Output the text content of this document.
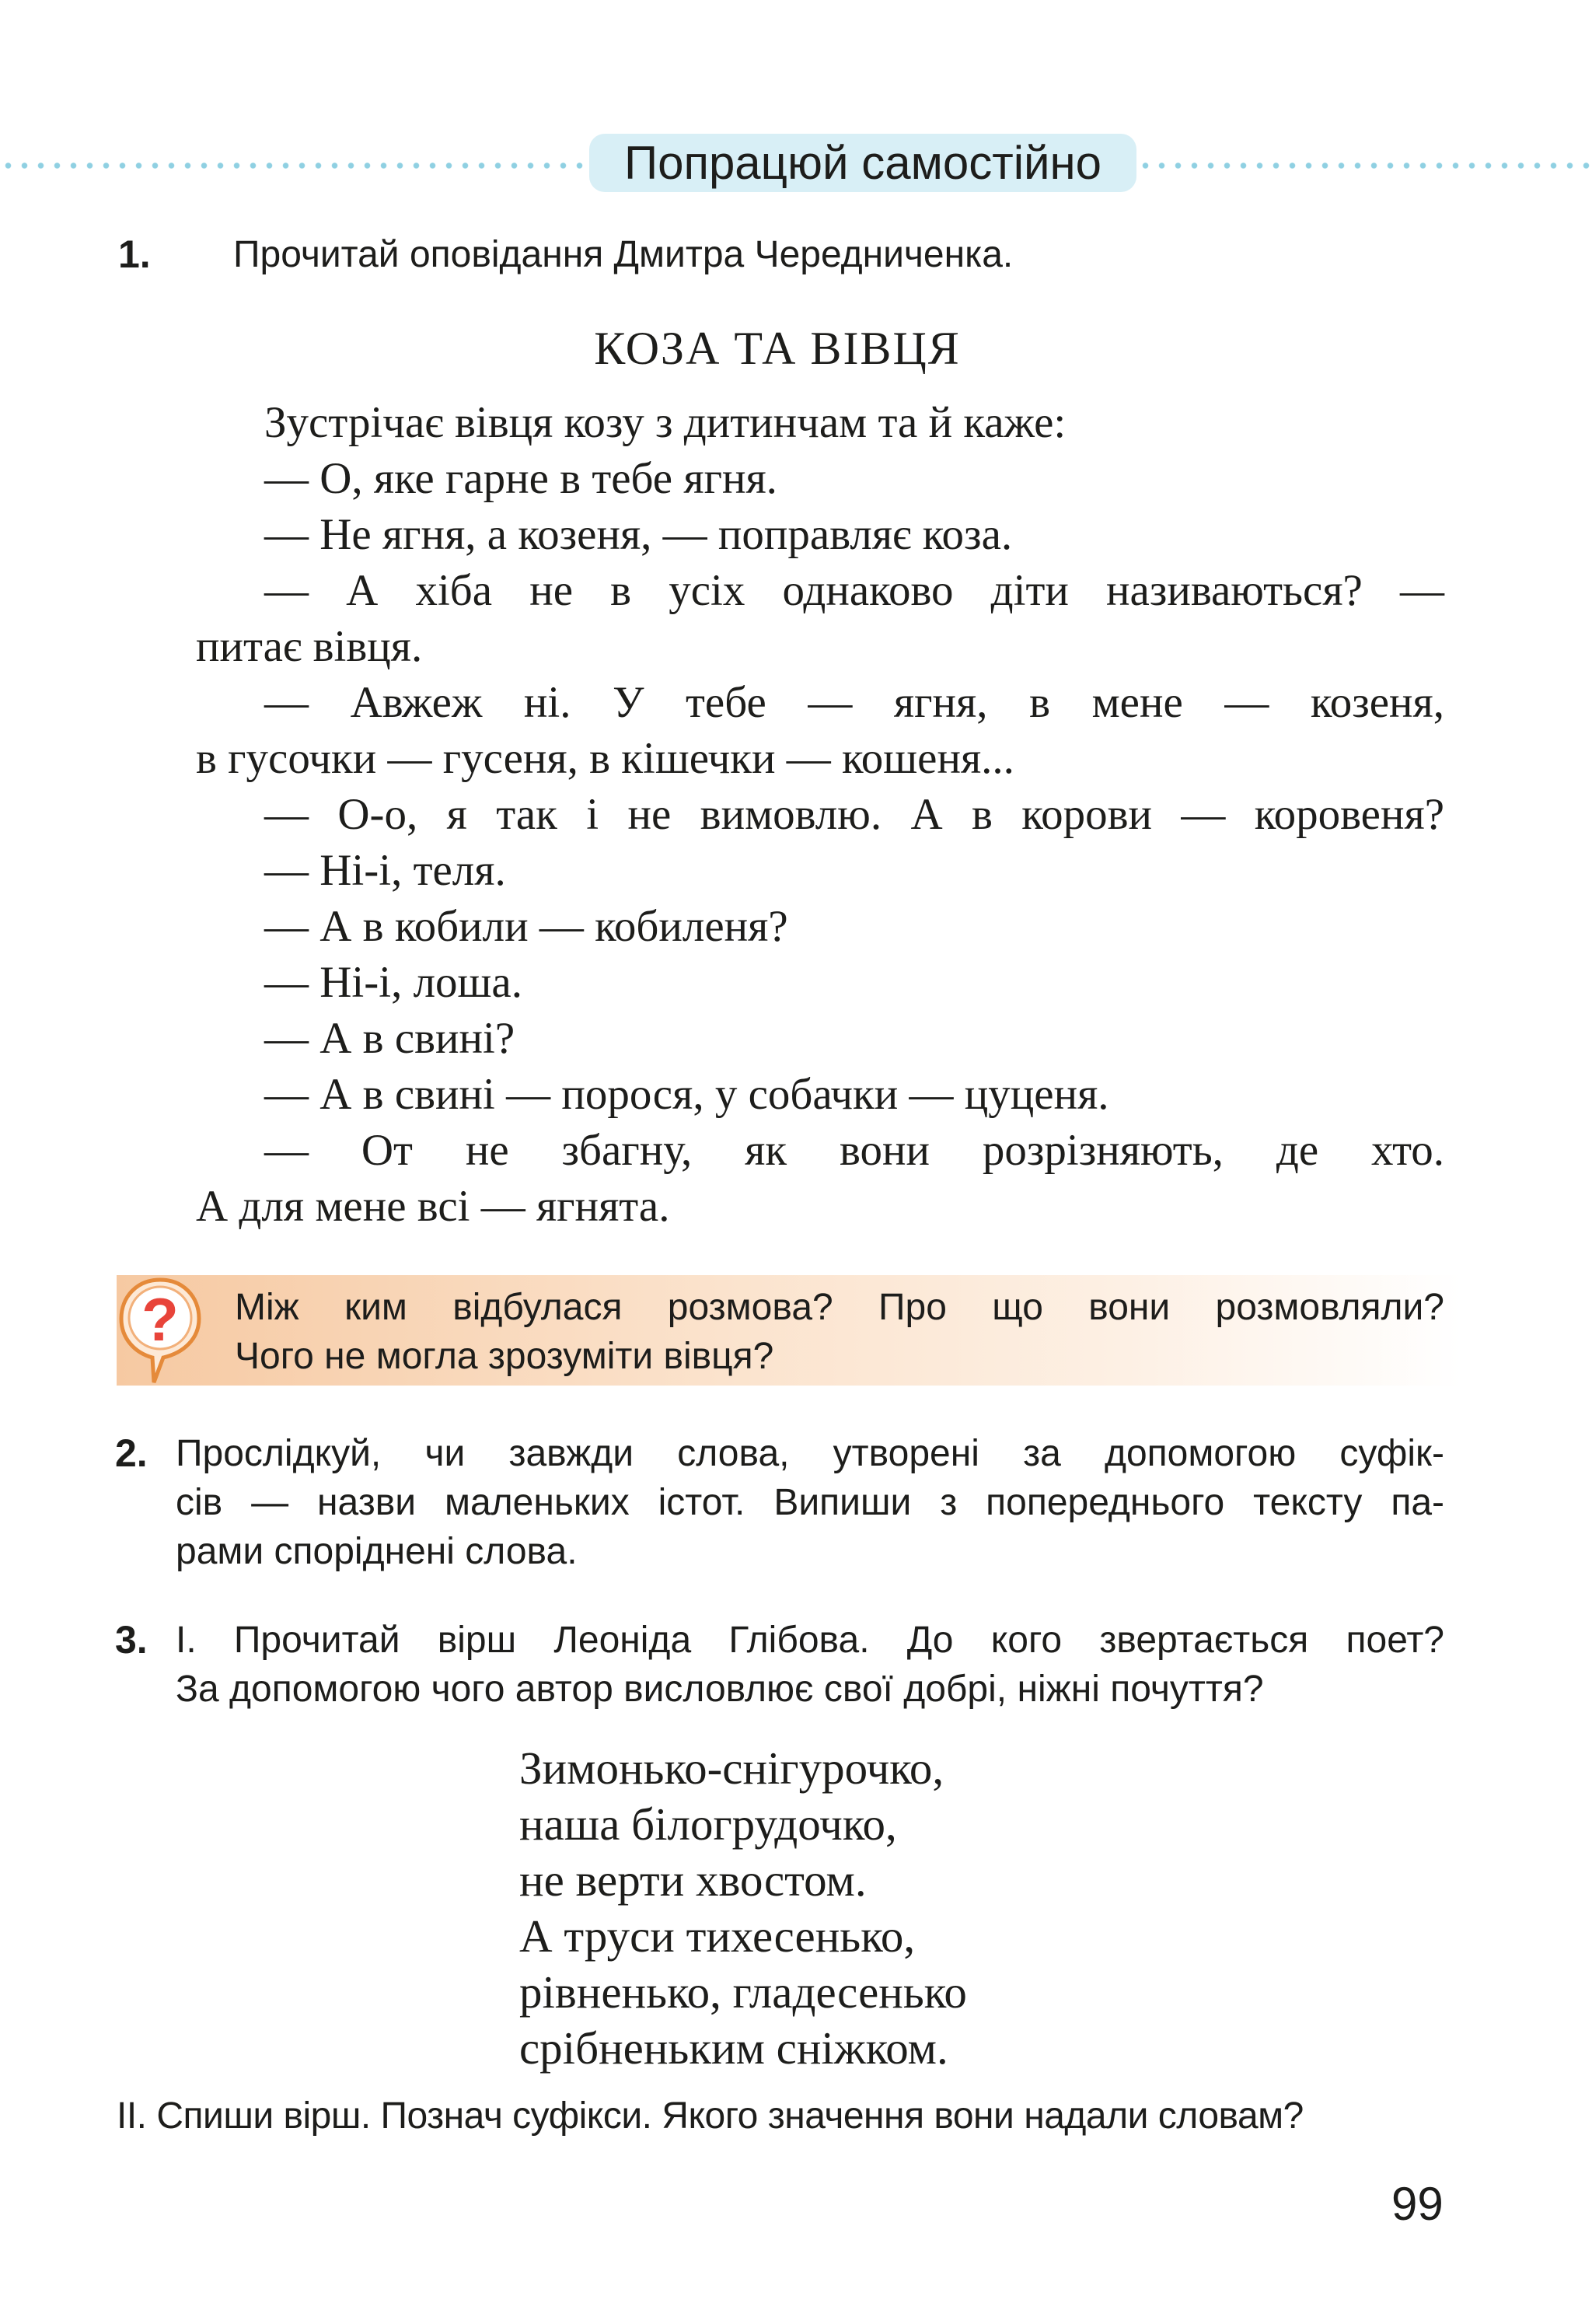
Попрацюй самостійно
1. Прочитай оповідання Дмитра Чередниченка.
КОЗА ТА ВІВЦЯ
Зустрічає вівця козу з дитинчам та й каже:
— О, яке гарне в тебе ягня.
— Не ягня, а козеня, — поправляє коза.
— А хіба не в усіх однаково діти називаються? —
питає вівця.
— Авжеж ні. У тебе — ягня, в мене — козеня,
в гусочки — гусеня, в кішечки — кошеня...
— О-о, я так і не вимовлю. А в корови — коровеня?
— Ні-і, теля.
— А в кобили — кобиленя?
— Ні-і, лоша.
— А в свині?
— А в свині — порося, у собачки — цуценя.
— От не збагну, як вони розрізняють, де хто.
А для мене всі — ягнята.
? Між ким відбулася розмова? Про що вони розмовляли?
Чого не могла зрозуміти вівця?
2. Прослідкуй, чи завжди слова, утворені за допомогою суфік-
сів — назви маленьких істот. Випиши з попереднього тексту па-
рами споріднені слова.
3. І. Прочитай вірш Леоніда Глібова. До кого звертається поет?
За допомогою чого автор висловлює свої добрі, ніжні почуття?
Зимонько-снігурочко,
наша білогрудочко,
не верти хвостом.
А труси тихесенько,
рівненько, гладесенько
срібненьким сніжком.
ІІ. Спиши вірш. Познач суфікси. Якого значення вони надали словам?
99
